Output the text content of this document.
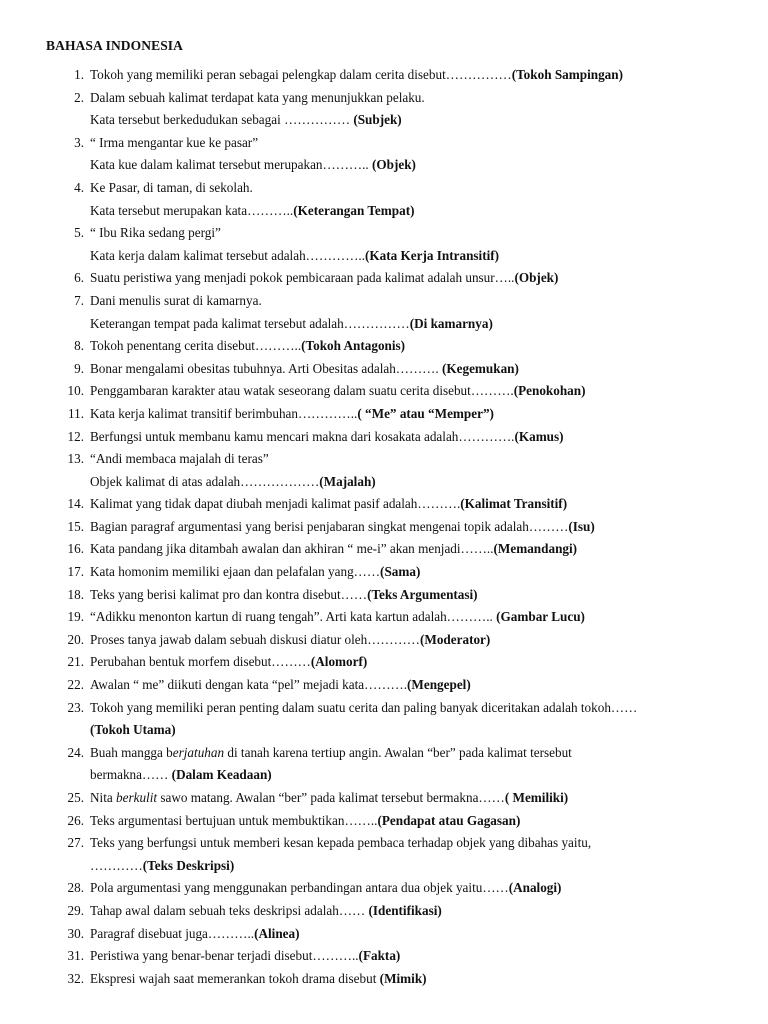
BAHASA INDONESIA
1. Tokoh yang memiliki peran sebagai pelengkap dalam cerita disebut……………(Tokoh Sampingan)
2. Dalam sebuah kalimat terdapat kata yang menunjukkan pelaku.
Kata tersebut berkedudukan sebagai …………… (Subjek)
3. “ Irma mengantar kue ke pasar”
Kata kue dalam kalimat tersebut merupakan……….. (Objek)
4. Ke Pasar, di taman, di sekolah.
Kata tersebut merupakan kata………..(Keterangan Tempat)
5. “ Ibu Rika sedang pergi”
Kata kerja dalam kalimat tersebut adalah…………..(Kata Kerja Intransitif)
6. Suatu peristiwa yang menjadi pokok pembicaraan pada kalimat adalah unsur…..(Objek)
7. Dani menulis surat di kamarnya.
Keterangan tempat pada kalimat tersebut adalah……………(Di kamarnya)
8. Tokoh penentang cerita disebut………..(Tokoh Antagonis)
9. Bonar mengalami obesitas tubuhnya. Arti Obesitas adalah………. (Kegemukan)
10. Penggambaran karakter atau watak seseorang dalam suatu cerita disebut……….(Penokohan)
11. Kata kerja kalimat transitif berimbuhan…………..( “Me” atau “Memper”)
12. Berfungsi untuk membanu kamu mencari makna dari kosakata adalah………….(Kamus)
13. “Andi membaca majalah di teras”
Objek kalimat di atas adalah………………(Majalah)
14. Kalimat yang tidak dapat diubah menjadi kalimat pasif adalah……….(Kalimat Transitif)
15. Bagian paragraf argumentasi yang berisi penjabaran singkat mengenai topik adalah………(Isu)
16. Kata pandang jika ditambah awalan dan akhiran “ me-i” akan menjadi……..(Memandangi)
17. Kata homonim memiliki ejaan dan pelafalan yang……(Sama)
18. Teks yang berisi kalimat pro dan kontra disebut……(Teks Argumentasi)
19. “Adikku menonton kartun di ruang tengah”. Arti kata kartun adalah……….. (Gambar Lucu)
20. Proses tanya jawab dalam sebuah diskusi diatur oleh…………(Moderator)
21. Perubahan bentuk morfem disebut………(Alomorf)
22. Awalan “ me” diikuti dengan kata “pel” mejadi kata……….(Mengepel)
23. Tokoh yang memiliki peran penting dalam suatu cerita dan paling banyak diceritakan adalah tokoh……
(Tokoh Utama)
24. Buah mangga berjatuhan di tanah karena tertiup angin. Awalan “ber” pada kalimat tersebut
bermakna…… (Dalam Keadaan)
25. Nita berkulit sawo matang. Awalan “ber” pada kalimat tersebut bermakna……( Memiliki)
26. Teks argumentasi bertujuan untuk membuktikan……..(Pendapat atau Gagasan)
27. Teks yang berfungsi untuk memberi kesan kepada pembaca terhadap objek yang dibahas yaitu,
…………(Teks Deskripsi)
28. Pola argumentasi yang menggunakan perbandingan antara dua objek yaitu……(Analogi)
29. Tahap awal dalam sebuah teks deskripsi adalah…… (Identifikasi)
30. Paragraf disebuat juga………..(Alinea)
31. Peristiwa yang benar-benar terjadi disebut………..(Fakta)
32. Ekspresi wajah saat memerankan tokoh drama disebut (Mimik)
